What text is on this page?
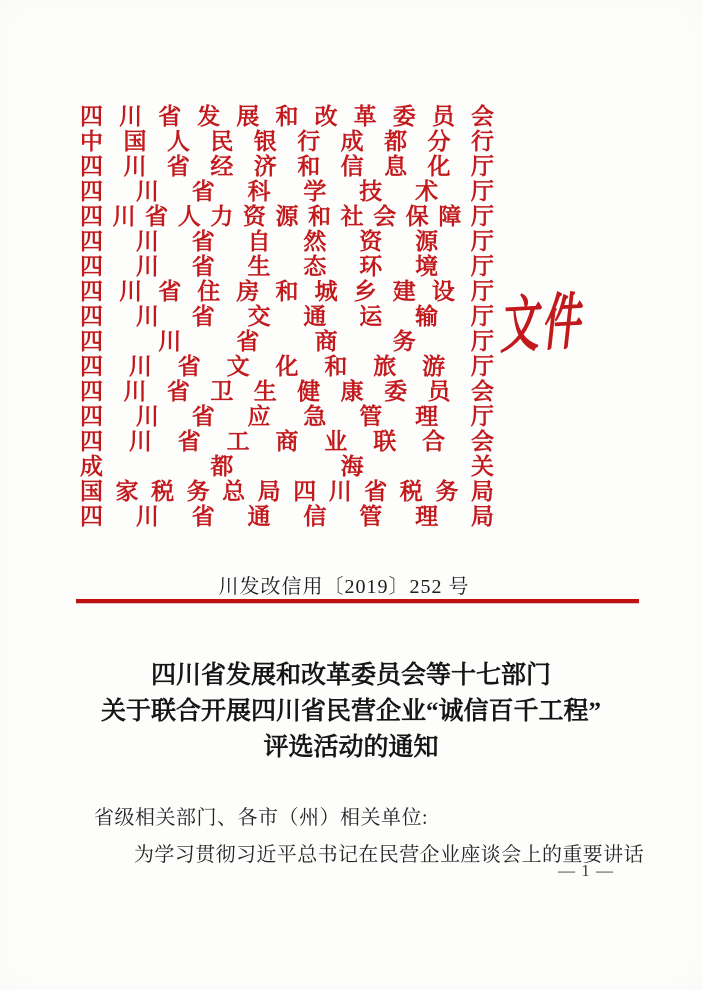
四 川 省 发 展 和 改 革 委 员 会
中 国 人 民 银 行 成 都 分 行
四 川 省 经 济 和 信 息 化 厅
四 川 省 科 学 技 术 厅
四 川 省 人 力 资 源 和 社 会 保 障 厅
四 川 省 自 然 资 源 厅
四 川 省 生 态 环 境 厅
四 川 省 住 房 和 城 乡 建 设 厅
四 川 省 交 通 运 输 厅
四 川 省 商 务 厅
四 川 省 文 化 和 旅 游 厅
四 川 省 卫 生 健 康 委 员 会
四 川 省 应 急 管 理 厅
四 川 省 工 商 业 联 合 会
成	都	海	关
国 家 税 务 总 局 四 川 省 税 务 局
四 川 省 通 信 管 理 局
文件
川发改信用〔2019〕252 号
四川省发展和改革委员会等十七部门
关于联合开展四川省民营企业“诚信百千工程”
评选活动的通知
省级相关部门、各市（州）相关单位:
为学习贯彻习近平总书记在民营企业座谈会上的重要讲话
— 1 —
